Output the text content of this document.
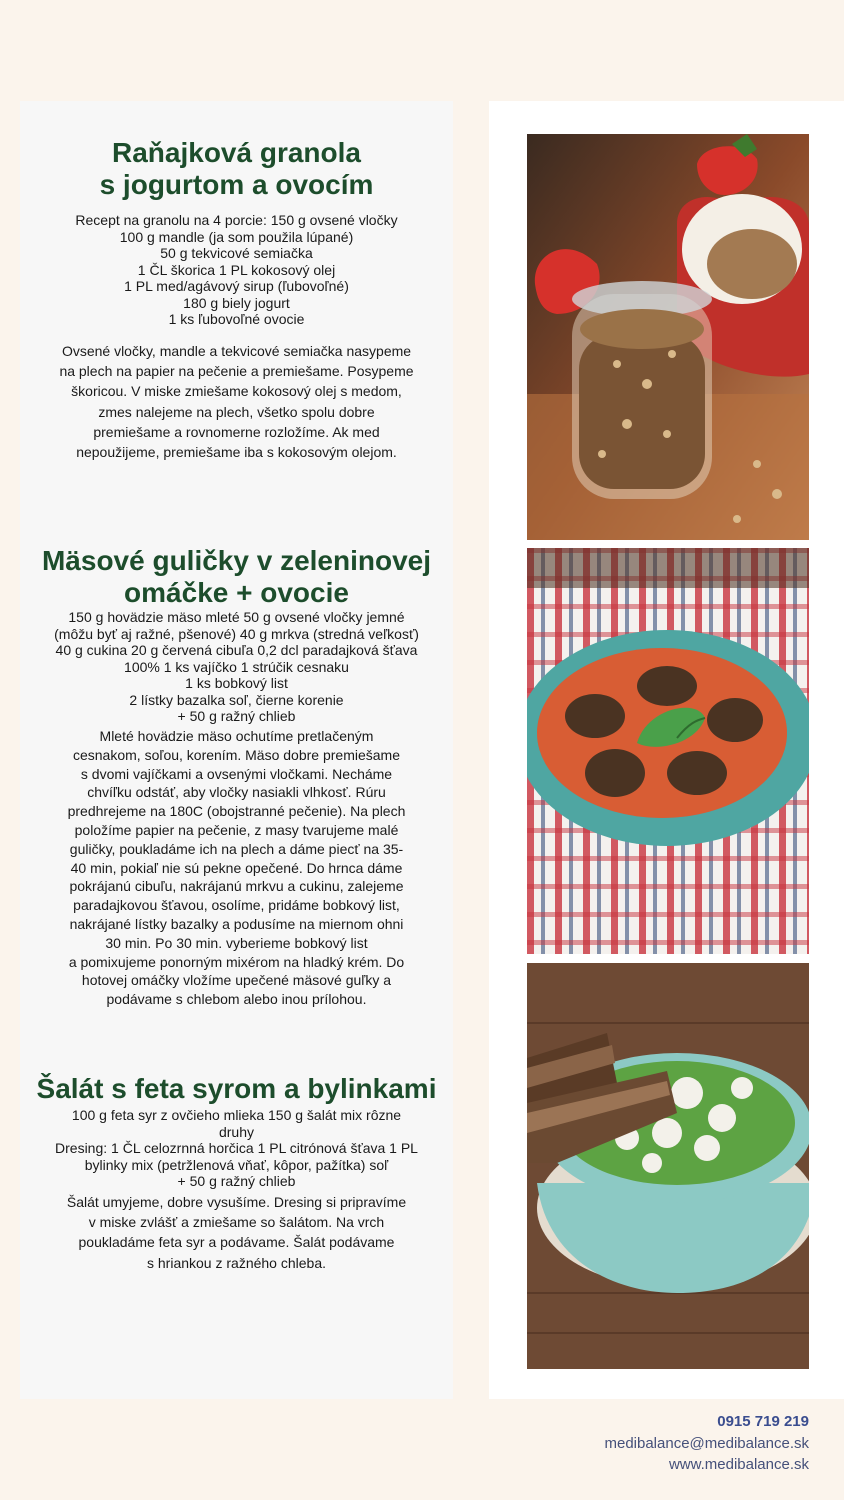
Raňajková granola
s jogurtom a ovocím
Recept na granolu na 4 porcie: 150 g ovsené vločky
100 g mandle (ja som použila lúpané)
50 g tekvicové semiačka
1 ČL škorica 1 PL kokosový olej
1 PL med/agávový sirup (ľubovoľné)
180 g biely jogurt
1 ks ľubovoľné ovocie
Ovsené vločky, mandle a tekvicové semiačka nasypeme
na plech na papier na pečenie a premiešame. Posypeme
škoricou. V miske zmiešame kokosový olej s medom,
zmes nalejeme na plech, všetko spolu dobre
premiešame a rovnomerne rozložíme. Ak med
nepoužijeme, premiešame iba s kokosovým olejom.
Mäsové guličky v zeleninovej
omáčke + ovocie
150 g hovädzie mäso mleté 50 g ovsené vločky jemné
(môžu byť aj ražné, pšenové) 40 g mrkva (stredná veľkosť)
40 g cukina 20 g červená cibuľa 0,2 dcl paradajková šťava
100% 1 ks vajíčko 1 strúčik cesnaku
1 ks bobkový list
2 lístky bazalka soľ, čierne korenie
+ 50 g ražný chlieb
Mleté hovädzie mäso ochutíme pretlačeným
cesnakom, soľou, korením. Mäso dobre premiešame
s dvomi vajíčkami a ovsenými vločkami. Necháme
chvíľku odstáť, aby vločky nasiakli vlhkosť. Rúru
predhrejeme na 180C (obojstranné pečenie). Na plech
položíme papier na pečenie, z masy tvarujeme malé
guličky, poukladáme ich na plech a dáme piecť na 35-
40 min, pokiaľ nie sú pekne opečené. Do hrnca dáme
pokrájanú cibuľu, nakrájanú mrkvu a cukinu, zalejeme
paradajkovou šťavou, osolíme, pridáme bobkový list,
nakrájané lístky bazalky a podusíme na miernom ohni
30 min. Po 30 min. vyberieme bobkový list
a pomixujeme ponorným mixérom na hladký krém. Do
hotovej omáčky vložíme upečené mäsové guľky a
podávame s chlebom alebo inou prílohou.
Šalát s feta syrom a bylinkami
100 g feta syr z ovčieho mlieka 150 g šalát mix rôzne
druhy
Dresing: 1 ČL celozrnná horčica 1 PL citrónová šťava 1 PL
bylinky mix (petržlenová vňať, kôpor, pažítka) soľ
+ 50 g ražný chlieb
Šalát umyjeme, dobre vysušíme. Dresing si pripravíme
v miske zvlášť a zmiešame so šalátom. Na vrch
poukladáme feta syr a podávame. Šalát podávame
s hriankou z ražného chleba.
0915 719 219
medibalance@medibalance.sk
www.medibalance.sk
